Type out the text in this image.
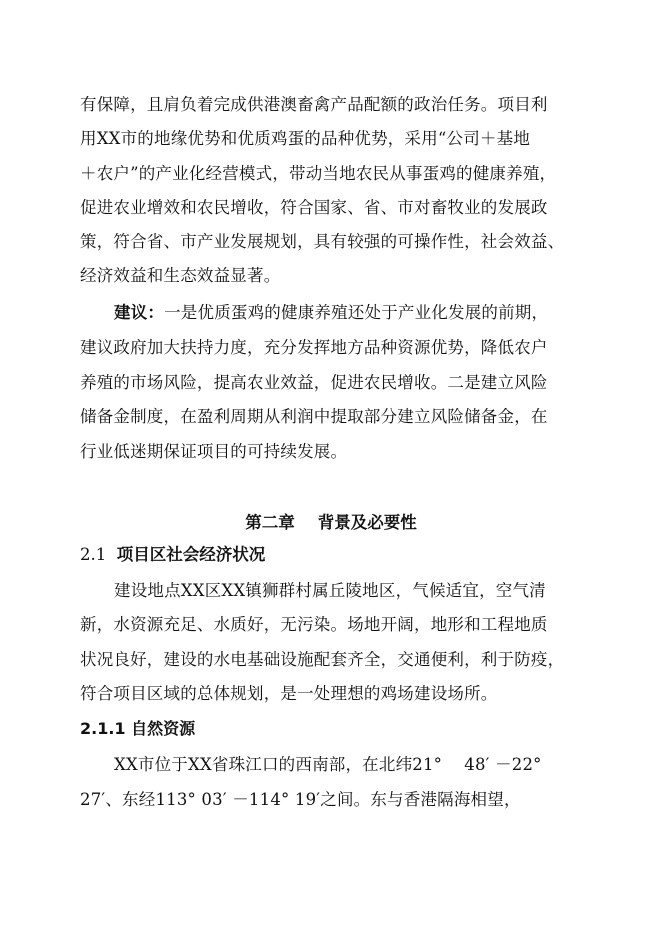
有保障，且肩负着完成供港澳畜禽产品配额的政治任务。项目利
用XX市的地缘优势和优质鸡蛋的品种优势，采用“公司＋基地
＋农户”的产业化经营模式，带动当地农民从事蛋鸡的健康养殖，
促进农业增效和农民增收，符合国家、省、市对畜牧业的发展政
策，符合省、市产业发展规划，具有较强的可操作性，社会效益、
经济效益和生态效益显著。
建议：一是优质蛋鸡的健康养殖还处于产业化发展的前期，
建议政府加大扶持力度，充分发挥地方品种资源优势，降低农户
养殖的市场风险，提高农业效益，促进农民增收。二是建立风险
储备金制度，在盈利周期从利润中提取部分建立风险储备金，在
行业低迷期保证项目的可持续发展。
第二章 背景及必要性
2.1 项目区社会经济状况
建设地点XX区XX镇狮群村属丘陵地区，气候适宜，空气清
新，水资源充足、水质好，无污染。场地开阔，地形和工程地质
状况良好，建设的水电基础设施配套齐全，交通便利，利于防疫，
符合项目区域的总体规划，是一处理想的鸡场建设场所。
2.1.1 自然资源
XX市位于XX省珠江口的西南部，在北纬21°　 48′ －22°
27′、东经113° 03′ －114° 19′之间。东与香港隔海相望，
